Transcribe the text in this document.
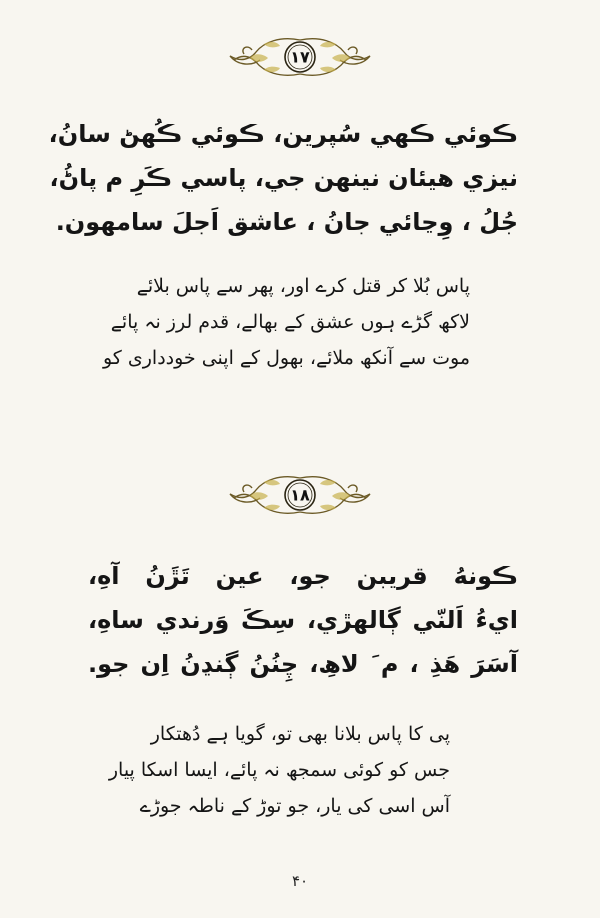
١٧
ڪوئي ڪھي سُپرين، ڪوئي ڪُھڻ سانُ،
نيزي هيئان نينهن جي، پاسي ڪَرِ م پاڻُ،
جُلُ ، وِڃائي جانُ ، عاشق اَجلَ سامھون.
پاس بُلا کر قتل کرے اور، پھر سے پاس بلائے
لاکھ گڑے ہوں عشق کے بھالے، قدم لرز نہ پائے
موت سے آنکھ ملائے، بھول کے اپنی خودداری کو
١٨
ڪونهُ قريبن جو، عين تَڙَنُ آهِ،
ايءُ اَلنّي ڳالهڙي، سِڪَ وَرندي ساهِ،
آسَرَ هَذِ ، م َ لاھِ، چِنُنُ ڳنڍنُ اِن جو.
پی کا پاس بلانا بھی تو، گویا ہے دُھتکار
جس کو کوئی سمجھ نہ پائے، ایسا اسکا پیار
آس اسی کی یار، جو توڑ کے ناطہ جوڑے
۴۰
